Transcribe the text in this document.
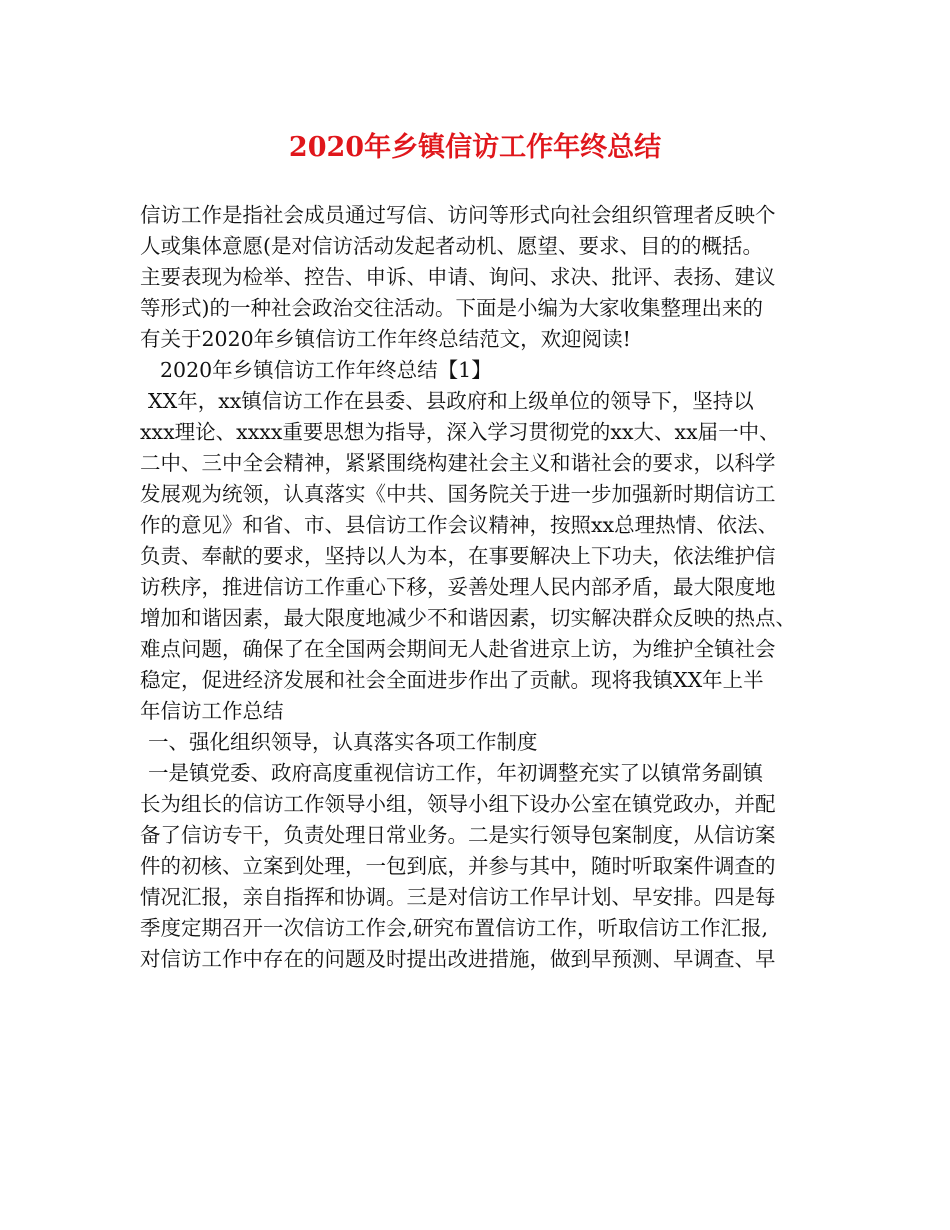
2020年乡镇信访工作年终总结
信访工作是指社会成员通过写信、访问等形式向社会组织管理者反映个
人或集体意愿(是对信访活动发起者动机、愿望、要求、目的的概括。
主要表现为检举、控告、申诉、申请、询问、求决、批评、表扬、建议
等形式)的一种社会政治交往活动。下面是小编为大家收集整理出来的
有关于2020年乡镇信访工作年终总结范文，欢迎阅读!
2020年乡镇信访工作年终总结【1】
XX年，xx镇信访工作在县委、县政府和上级单位的领导下，坚持以
xxx理论、xxxx重要思想为指导，深入学习贯彻党的xx大、xx届一中、
二中、三中全会精神，紧紧围绕构建社会主义和谐社会的要求，以科学
发展观为统领，认真落实《中共、国务院关于进一步加强新时期信访工
作的意见》和省、市、县信访工作会议精神，按照xx总理热情、依法、
负责、奉献的要求，坚持以人为本，在事要解决上下功夫，依法维护信
访秩序，推进信访工作重心下移，妥善处理人民内部矛盾，最大限度地
增加和谐因素，最大限度地减少不和谐因素，切实解决群众反映的热点、
难点问题，确保了在全国两会期间无人赴省进京上访，为维护全镇社会
稳定，促进经济发展和社会全面进步作出了贡献。现将我镇XX年上半
年信访工作总结
一、强化组织领导，认真落实各项工作制度
一是镇党委、政府高度重视信访工作，年初调整充实了以镇常务副镇
长为组长的信访工作领导小组，领导小组下设办公室在镇党政办，并配
备了信访专干，负责处理日常业务。二是实行领导包案制度，从信访案
件的初核、立案到处理，一包到底，并参与其中，随时听取案件调查的
情况汇报，亲自指挥和协调。三是对信访工作早计划、早安排。四是每
季度定期召开一次信访工作会,研究布置信访工作，听取信访工作汇报,
对信访工作中存在的问题及时提出改进措施，做到早预测、早调查、早
